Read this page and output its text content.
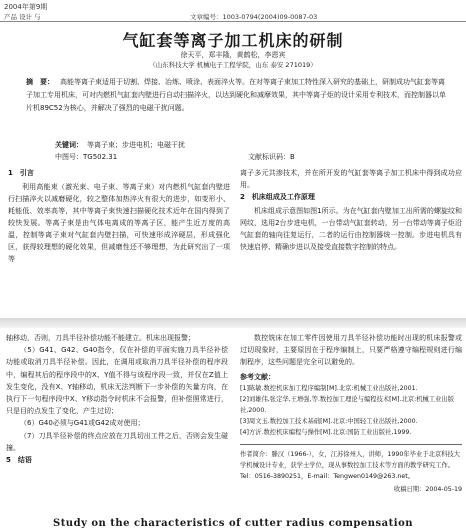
2004年第9期
产品 设计 与	文章编号：1003-0794(2004)09-0087-03
气缸套等离子加工机床的研制
徐天平，郑丰隆，黄鹤松，李恩宾
（山东科技大学 机械电子工程学院，山东 泰安 271019）
摘　要： 高能等离子束适用于切割、焊接、冶炼、喷涂、表面淬火等。在对等离子束加工特性深入研究的基础上，研制成功气缸套等离子加工专用机床，可对内燃机气缸套内壁进行自动扫描淬火，以达到硬化和减摩效果，其中等离子炬的设计采用专利技术，而控制器以单片机89C52为核心，并解决了强烈的电磁干扰问题。
关键词： 等离子束；步进电机；电磁干扰
中图号：TG502.31	文献标识码：B
1　引言

利用高能束（激光束、电子束、等离子束）对内燃机气缸套内壁进行扫描淬火以减磨硬化，较之整体加热淬火有很大的进步，如变形小、耗能低、效率高等，其中等离子束快速扫描硬化技术近年在国内得到了较快发展。等离子束是由气体电离成的等离子区，能产生近万度的高温，控制等离子束对气缸套内壁扫描，可快速形成淬硬层，形成强化区，获得较理想的硬化效果，但减磨性还不够理想，为此研究出了一项等

离子多元共渗技术，并在所开发的气缸套等离子加工机床中得到成功应用。

2　机床组成及工作原理

机床组成示意图如图1所示。为在气缸套内壁加工出所需的螺旋纹和网纹，选用2台步进电机，一台带动气缸套转动，另一台带动等离子炬沿气缸套的轴向往复运行，二者的运行由控制器统一控制。步进电机具有快速启停、精确步进以及接受直接数字控制的特点。

轴移动，否则，刀具半径补偿功能不能建立。机床出现报警；

（5）G41、G42、G40指令，仅在补偿的平面实施刀具半径补偿功能或取消刀具半径补偿。因此，在调用或取消刀具半径补偿的程序段中，编程其后的程序段中的X、Y值不得与该程序段一致，并仅在Z值上发生变化，没有X、Y轴移动，机床无法判断下一步补偿的矢量方向，在执行下一句程序段中X、Y移动指令时机床不会报警，但补偿照常进行，只是目的点发生了变化，产生过切；

（6）G40必须与G41或G42成对使用；

（7）刀具半径补偿的终点应放在刀具切出工件之后，否则会发生碰撞。

5　结语

数控铣床在加工零件因使用刀具半径补偿功能时出现的机床报警或过切现象时，主要原因在于程序编制上，只要严格遵守编程规则进行编制程序，这些问题是完全可以避免的。

参考文献：

[1]陈敏.数控机床加工程序编制[M].北京:机械工业出版社,2001.

[2]刘雄伟,张定华,王增强,等.数控加工理论与编程技术[M].北京:机械工业出版社,2000.

[3]周文玉.数控加工技术基础[M].北京:中国轻工业出版社,2000.

[4]方沂.数控机床编程与操作[M].北京:国防工业出版社,1999.

作者简介：滕汉（1966-），女，江苏徐州人，讲师，1990年毕业于北京科技大学机械设计专业，获学士学位，现从事数控加工技术等方面的教学研究工作。Tel：0516-3890251，E-mail：Tengwen0149@263.net。
收稿日期：2004-05-19
Study on the characteristics of cutter radius compensation
